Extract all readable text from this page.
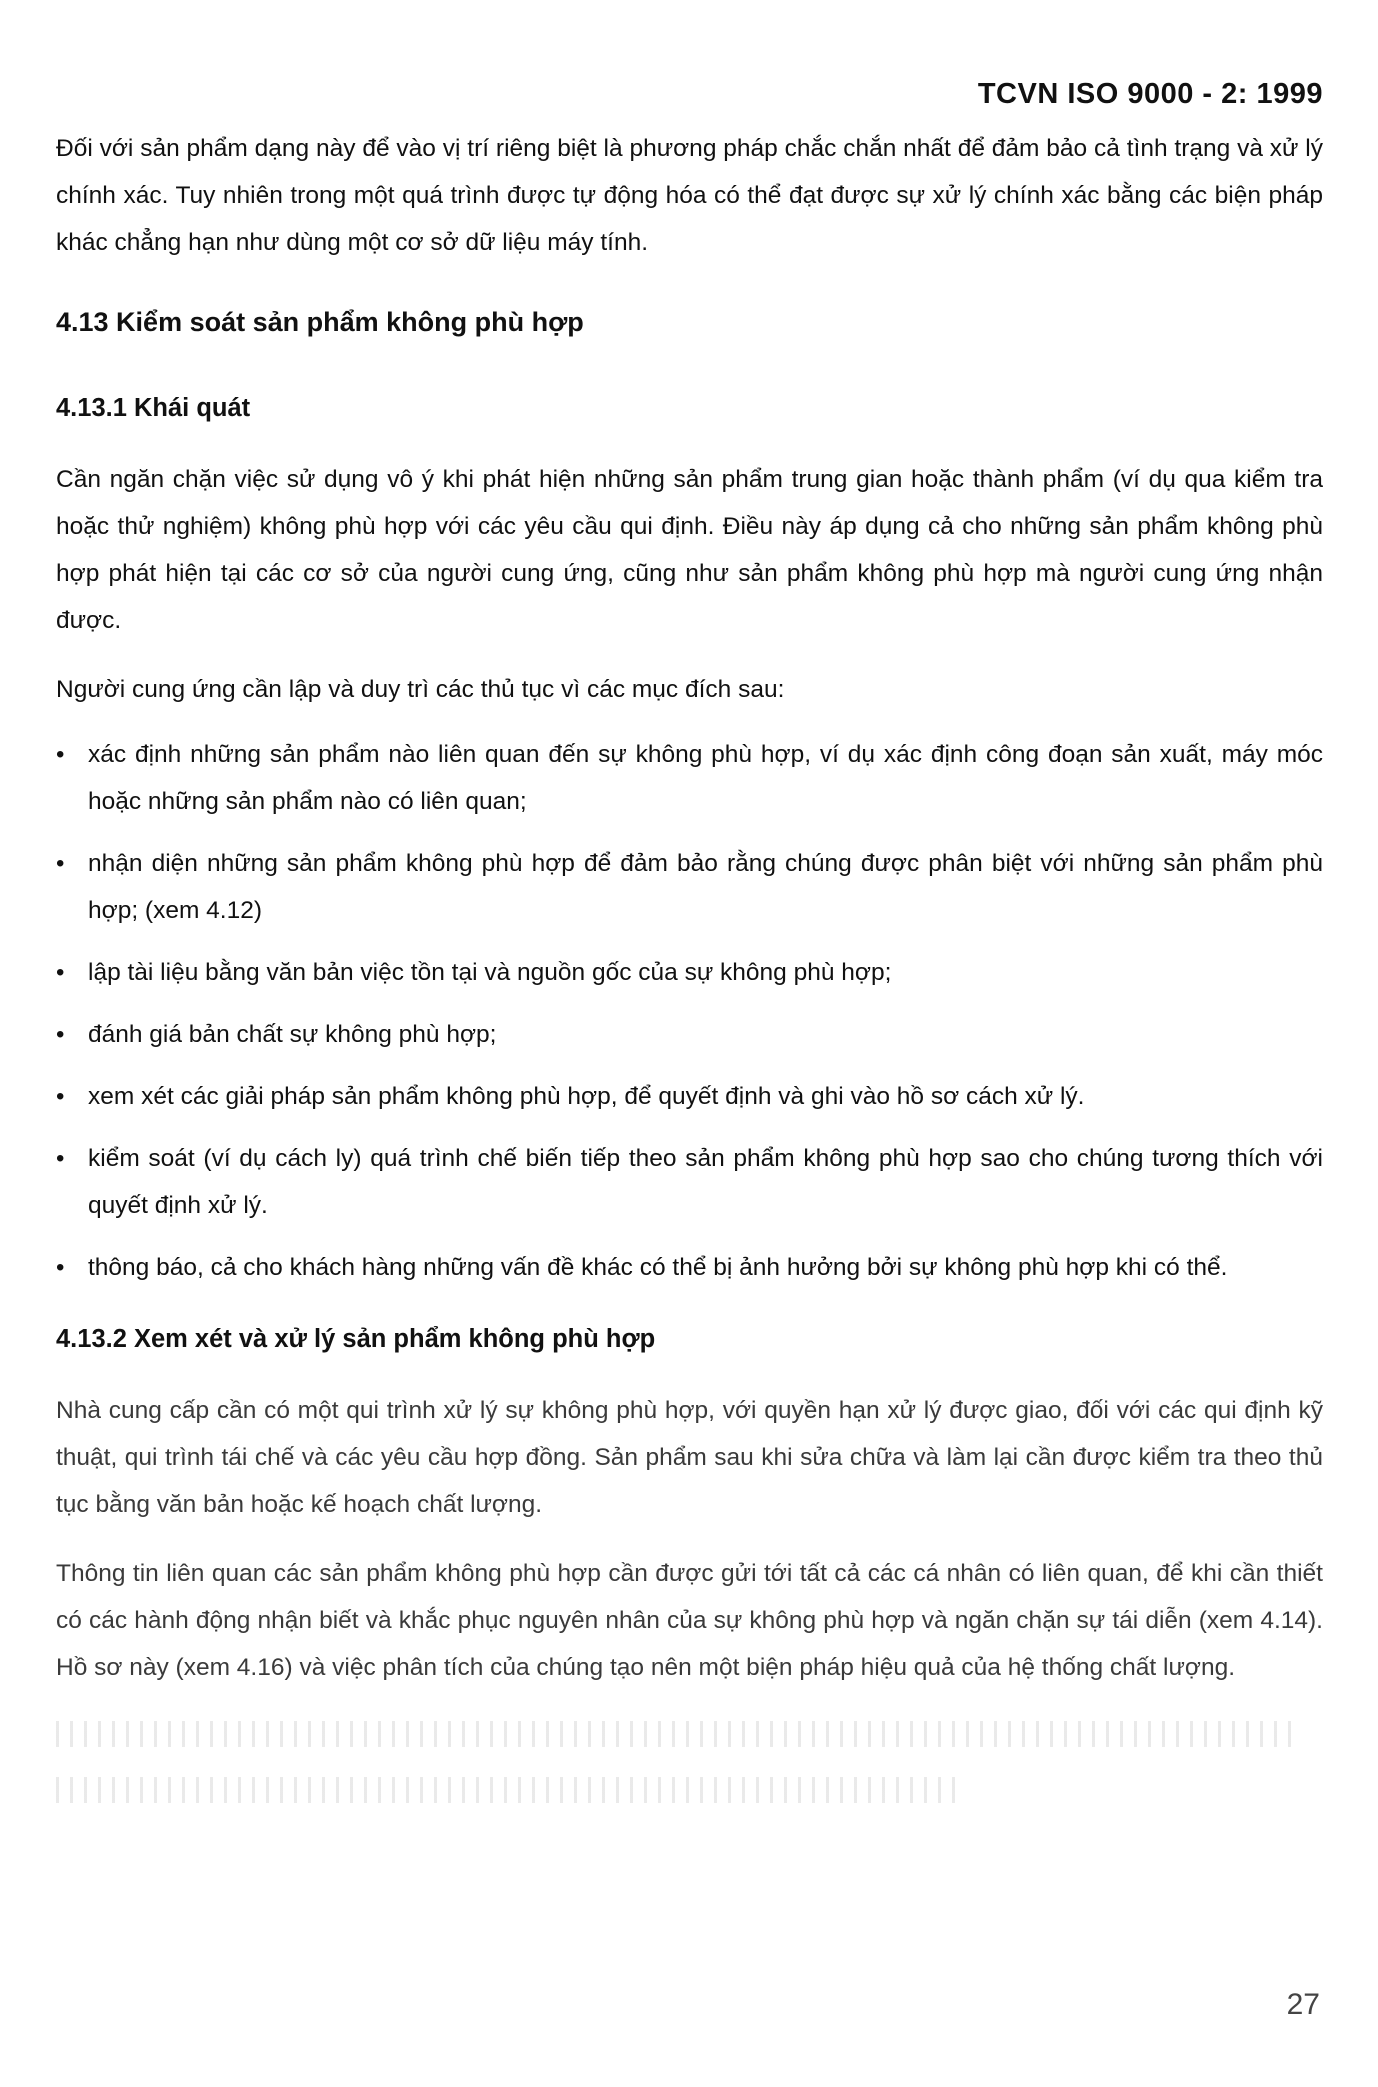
TCVN ISO 9000 - 2: 1999

Đối với sản phẩm dạng này để vào vị trí riêng biệt là phương pháp chắc chắn nhất để đảm bảo cả tình trạng và xử lý chính xác. Tuy nhiên trong một quá trình được tự động hóa có thể đạt được sự xử lý chính xác bằng các biện pháp khác chẳng hạn như dùng một cơ sở dữ liệu máy tính.

4.13 Kiểm soát sản phẩm không phù hợp
4.13.1 Khái quát

Cần ngăn chặn việc sử dụng vô ý khi phát hiện những sản phẩm trung gian hoặc thành phẩm (ví dụ qua kiểm tra hoặc thử nghiệm) không phù hợp với các yêu cầu qui định. Điều này áp dụng cả cho những sản phẩm không phù hợp phát hiện tại các cơ sở của người cung ứng, cũng như sản phẩm không phù hợp mà người cung ứng nhận được.

Người cung ứng cần lập và duy trì các thủ tục vì các mục đích sau:

• xác định những sản phẩm nào liên quan đến sự không phù hợp, ví dụ xác định công đoạn sản xuất, máy móc hoặc những sản phẩm nào có liên quan;
• nhận diện những sản phẩm không phù hợp để đảm bảo rằng chúng được phân biệt với những sản phẩm phù hợp; (xem 4.12)
• lập tài liệu bằng văn bản việc tồn tại và nguồn gốc của sự không phù hợp;
• đánh giá bản chất sự không phù hợp;
• xem xét các giải pháp sản phẩm không phù hợp, để quyết định và ghi vào hồ sơ cách xử lý.
• kiểm soát (ví dụ cách ly) quá trình chế biến tiếp theo sản phẩm không phù hợp sao cho chúng tương thích với quyết định xử lý.
• thông báo, cả cho khách hàng những vấn đề khác có thể bị ảnh hưởng bởi sự không phù hợp khi có thể.
4.13.2 Xem xét và xử lý sản phẩm không phù hợp

Nhà cung cấp cần có một qui trình xử lý sự không phù hợp, với quyền hạn xử lý được giao, đối với các qui định kỹ thuật, qui trình tái chế và các yêu cầu hợp đồng. Sản phẩm sau khi sửa chữa và làm lại cần được kiểm tra theo thủ tục bằng văn bản hoặc kế hoạch chất lượng.

Thông tin liên quan các sản phẩm không phù hợp cần được gửi tới tất cả các cá nhân có liên quan, để khi cần thiết có các hành động nhận biết và khắc phục nguyên nhân của sự không phù hợp và ngăn chặn sự tái diễn (xem 4.14). Hồ sơ này (xem 4.16) và việc phân tích của chúng tạo nên một biện pháp hiệu quả của hệ thống chất lượng.

27
